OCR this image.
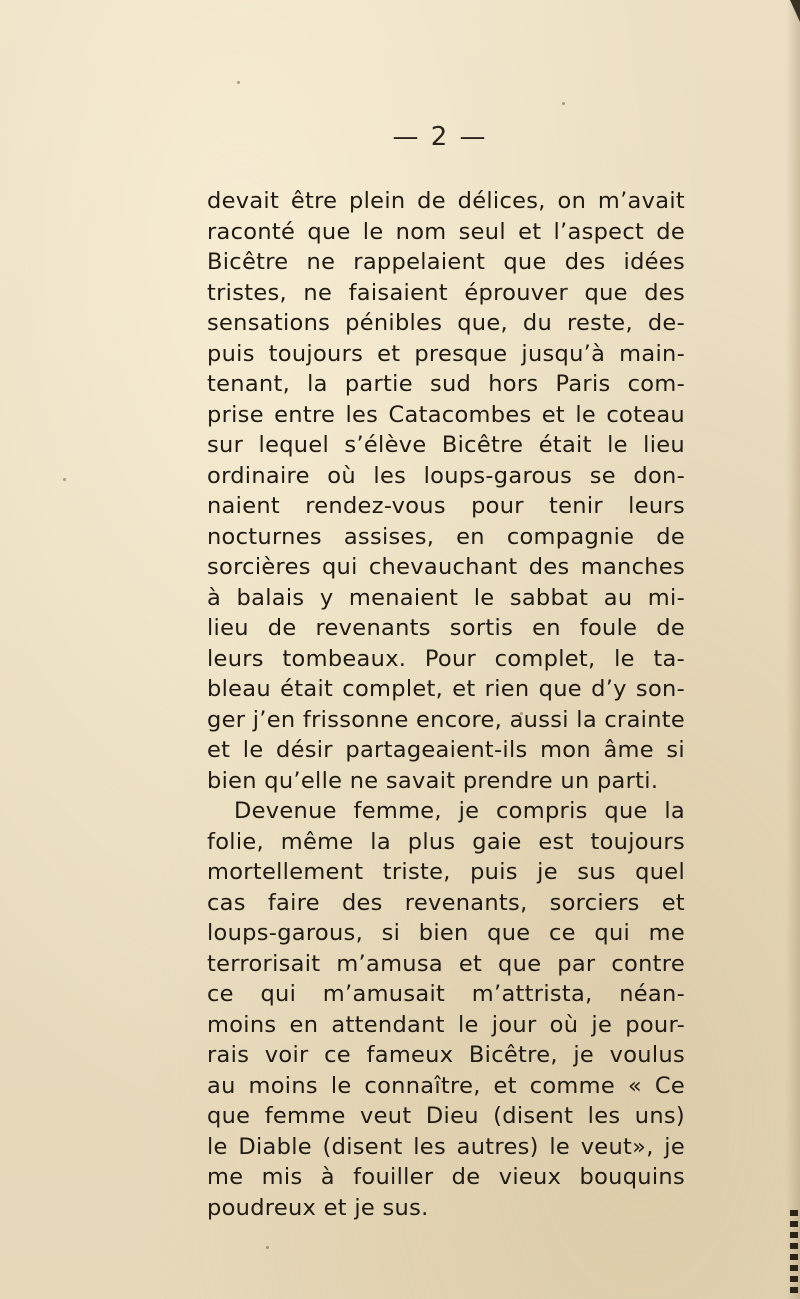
— 2 —
devait être plein de délices, on m’avait
raconté que le nom seul et l’aspect de
Bicêtre ne rappelaient que des idées
tristes, ne faisaient éprouver que des
sensations pénibles que, du reste, de-
puis toujours et presque jusqu’à main-
tenant, la partie sud hors Paris com-
prise entre les Catacombes et le coteau
sur lequel s’élève Bicêtre était le lieu
ordinaire où les loups-garous se don-
naient rendez-vous pour tenir leurs
nocturnes assises, en compagnie de
sorcières qui chevauchant des manches
à balais y menaient le sabbat au mi-
lieu de revenants sortis en foule de
leurs tombeaux. Pour complet, le ta-
bleau était complet, et rien que d’y son-
ger j’en frissonne encore, aussi la crainte
et le désir partageaient-ils mon âme si
bien qu’elle ne savait prendre un parti.
Devenue femme, je compris que la
folie, même la plus gaie est toujours
mortellement triste, puis je sus quel
cas faire des revenants, sorciers et
loups-garous, si bien que ce qui me
terrorisait m’amusa et que par contre
ce qui m’amusait m’attrista, néan-
moins en attendant le jour où je pour-
rais voir ce fameux Bicêtre, je voulus
au moins le connaître, et comme « Ce
que femme veut Dieu (disent les uns)
le Diable (disent les autres) le veut», je
me mis à fouiller de vieux bouquins
poudreux et je sus.
